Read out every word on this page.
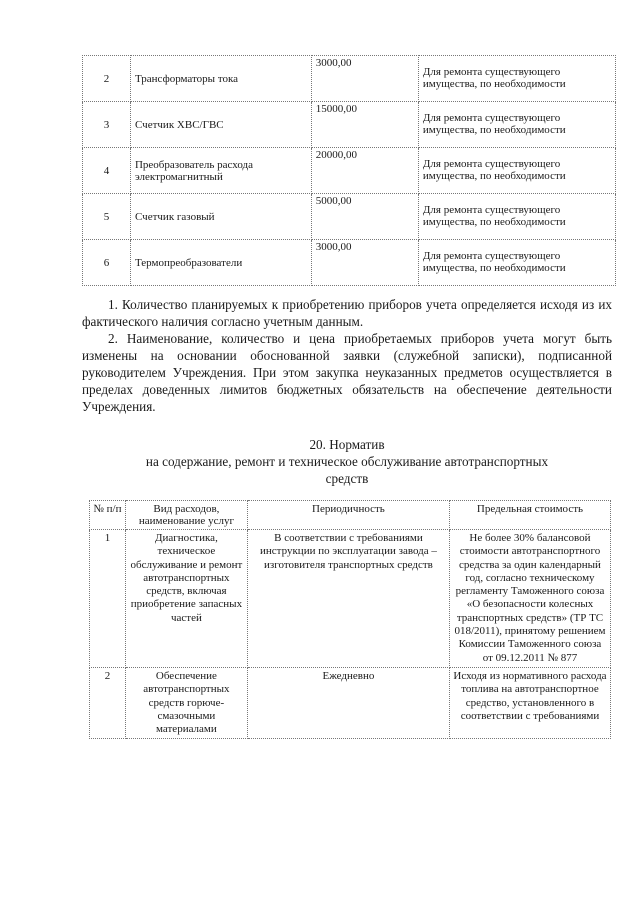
2	Трансформаторы тока	3000,00	Для ремонта существующего имущества, по необходимости
3	Счетчик ХВС/ГВС	15000,00	Для ремонта существующего имущества, по необходимости
4	Преобразователь расхода электромагнитный	20000,00	Для ремонта существующего имущества, по необходимости
5	Счетчик газовый	5000,00	Для ремонта существующего имущества, по необходимости
6	Термопреобразователи	3000,00	Для ремонта существующего имущества, по необходимости

1. Количество планируемых к приобретению приборов учета определяется исходя из их фактического наличия согласно учетным данным.

2. Наименование, количество и цена приобретаемых приборов учета могут быть изменены на основании обоснованной заявки (служебной записки), подписанной руководителем Учреждения. При этом закупка неуказанных предметов осуществляется в пределах доведенных лимитов бюджетных обязательств на обеспечение деятельности Учреждения.

20. Норматив
на содержание, ремонт и техническое обслуживание автотранспортных средств
№ п/п	Вид расходов, наименование услуг	Периодичность	Предельная стоимость
1	Диагностика, техническое обслуживание и ремонт автотранспортных средств, включая приобретение запасных частей	В соответствии с требованиями инструкции по эксплуатации завода – изготовителя транспортных средств	Не более 30% балансовой стоимости автотранспортного средства за один календарный год, согласно техническому регламенту Таможенного союза «О безопасности колесных транспортных средств» (ТР ТС 018/2011), принятому решением Комиссии Таможенного союза от 09.12.2011 № 877
2	Обеспечение автотранспортных средств горюче-смазочными материалами	Ежедневно	Исходя из нормативного расхода топлива на автотранспортное средство, установленного в соответствии с требованиями
